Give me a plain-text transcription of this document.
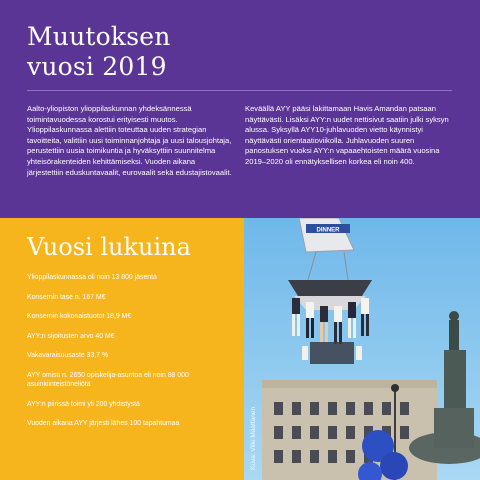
Muutoksen
vuosi 2019

Aalto-yliopiston ylioppilaskunnan yhdeksännessä toimintavuodessa korostui erityisesti muutos. Ylioppilaskunnassa alettiin toteuttaa uuden strategian tavoitteita, valittiin uusi toiminnanjohtaja ja uusi talousjohtaja, perustettiin uusia toimikuntia ja hyväksyttiin suunnitelma yhteisörakenteiden kehittämiseksi. Vuoden aikana järjestettiin eduskuntavaalit, eurovaalit sekä edustajistovaalit.

Keväällä AYY pääsi lakittamaan Havis Amandan patsaan näyttävästi. Lisäksi AYY:n uudet nettisivut saatiin julki syksyn alussa. Syksyllä AYY10-juhlavuoden vietto käynnistyi näyttävästi orientaatioviikolla. Juhlavuoden suuren panostuksen vuoksi AYY:n vapaaehtoisten määrä vuosina 2019–2020 oli ennätyksellisen korkea eli noin 400.

Vuosi lukuina
Ylioppilaskunnassa oli noin 13 800 jäsentä
Konsernin tase n. 167 M€
Konsernin kokonaistuotot 18,9 M€
AYY:n sijoitusten arvo 40 M€
Vakavaraisuusaste 33,7 %
AYY omisti n. 2650 opiskelija-asuntoa eli noin 88 000 asuinkiinteistöneliötä
AYY:n piirissä toimi yli 200 yhdistystä
Vuoden aikana AYY järjesti lähes 100 tapahtumaa
DINNER
Kuva: Ville Määttänen
